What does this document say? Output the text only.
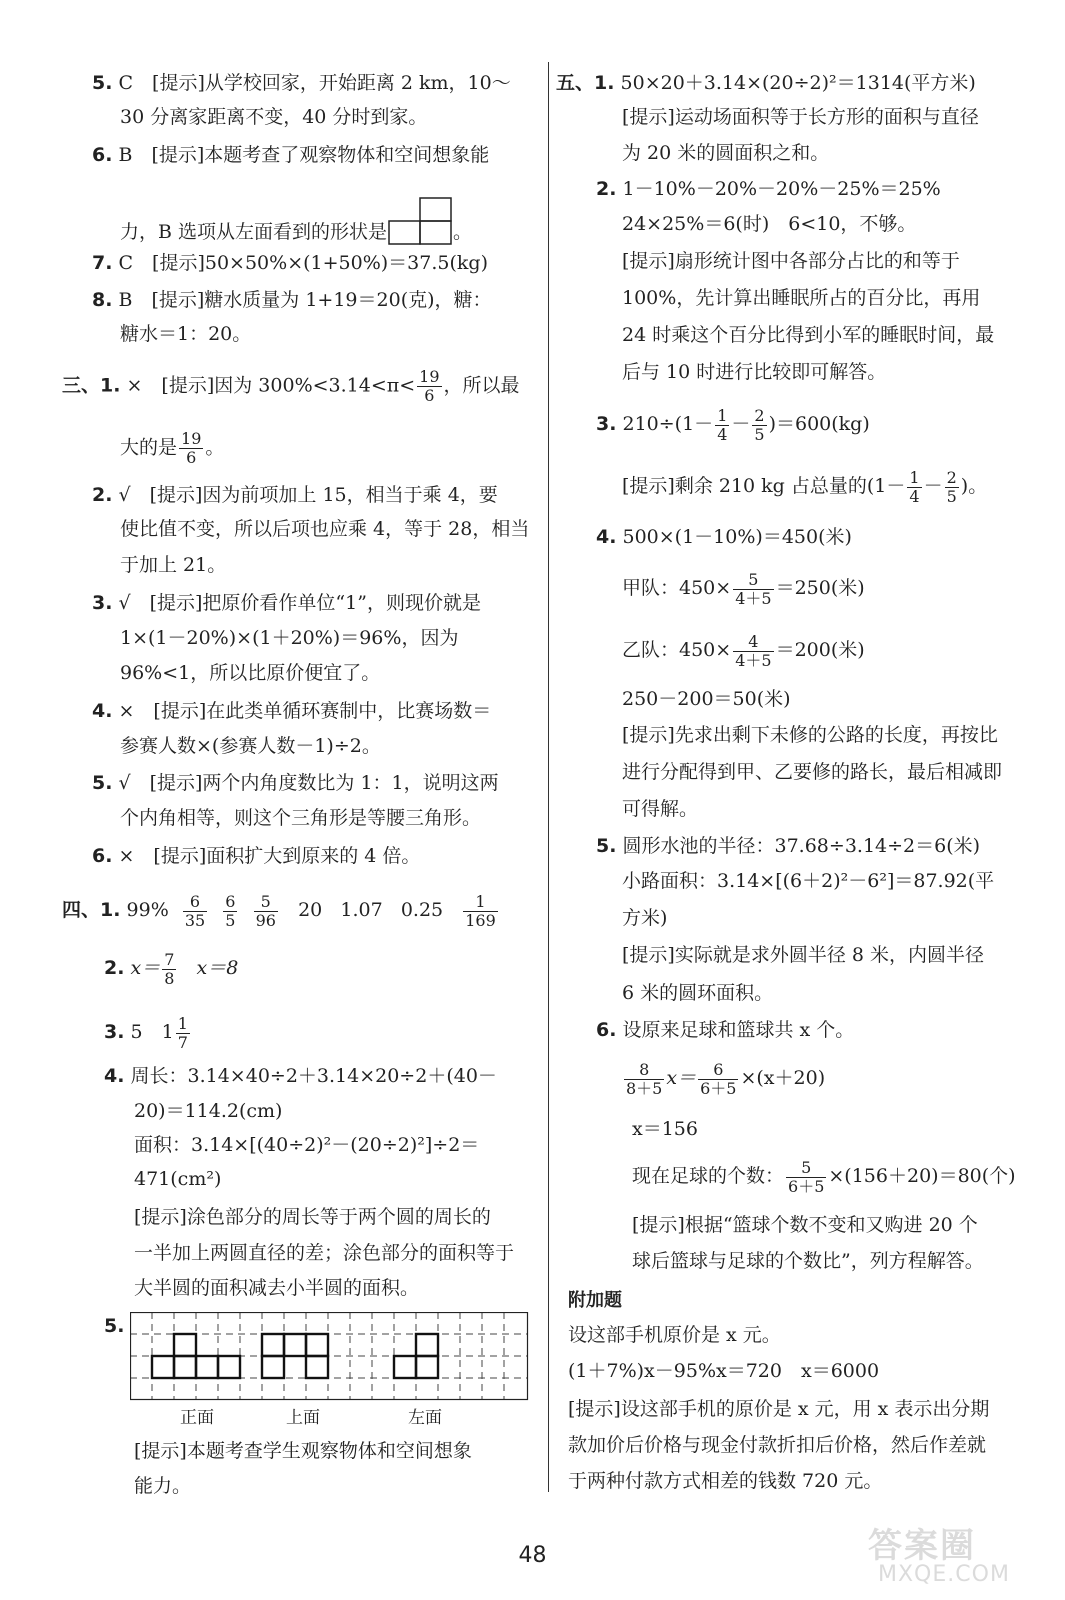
5. C　[提示]从学校回家，开始距离 2 km，10～
30 分离家距离不变，40 分时到家。
6. B　[提示]本题考查了观察物体和空间想象能
力，B 选项从左面看到的形状是	。
7. C　[提示]50×50%×(1+50%)＝37.5(kg)
8. B　[提示]糖水质量为 1+19＝20(克)，糖：
糖水＝1：20。
三、1. ×　[提示]因为 $300\%<3.14<\pi< \frac{19}{6}$ ，所以最
大的是 $\frac{19}{6}$ 。
2. √　[提示]因为前项加上 15，相当于乘 4，要
使比值不变，所以后项也应乘 4，等于 28，相当
于加上 21。
3. √　[提示]把原价看作单位“1”，则现价就是
1×(1－20%)×(1＋20%)＝96%，因为
96%<1，所以比原价便宜了。
4. ×　[提示]在此类单循环赛制中，比赛场数＝
参赛人数×(参赛人数－1)÷2。
5. √　[提示]两个内角度数比为 1：1，说明这两
个内角相等，则这个三角形是等腰三角形。
6. ×　[提示]面积扩大到原来的 4 倍。
四、1. $99\% \frac{6}{35}$
$\frac{6}{5}$
$\frac{5}{96} 20$ 1.07 $0.25 \frac{1}{169}$
2. $x= \frac{7}{8} x=8$
3. 5　$1 \frac{1}{7}$
4. 周长：3.14×40÷2＋3.14×20÷2＋(40－
20)＝114.2(cm)
面积：3.14×[(40÷2)²－(20÷2)²]÷2＝
471(cm²)
[提示]涂色部分的周长等于两个圆的周长的
一半加上两圆直径的差；涂色部分的面积等于
大半圆的面积减去小半圆的面积。
5.
正面	上面	左面
[提示]本题考查学生观察物体和空间想象
能力。
五、1. 50×20＋3.14×(20÷2)²＝1314(平方米)
[提示]运动场面积等于长方形的面积与直径
为 20 米的圆面积之和。
2. 1－10%－20%－20%－25%＝25%
24×25%＝6(时)　6<10，不够。
[提示]扇形统计图中各部分占比的和等于
100%，先计算出睡眠所占的百分比，再用
24 时乘这个百分比得到小军的睡眠时间，最
后与 10 时进行比较即可解答。
3. $210\div(1- \frac{1}{4} - \frac{2}{5} )=600(kg)$
[提示]剩余 210 kg 占总量的($1- \frac{1}{4} - \frac{2}{5}$ )。
4. 500×(1－10%)＝450(米)
甲队：$450\times \frac{5}{4+5} =250$(米)
乙队：$450\times \frac{4}{4+5} =200$(米)
250－200＝50(米)
[提示]先求出剩下未修的公路的长度，再按比
进行分配得到甲、乙要修的路长，最后相减即
可得解。
5. 圆形水池的半径：37.68÷3.14÷2＝6(米)
小路面积：3.14×[(6＋2)²－6²]＝87.92(平
方米)
[提示]实际就是求外圆半径 8 米，内圆半径
6 米的圆环面积。
6. 设原来足球和篮球共 x 个。
$\frac{8}{8+5} x= \frac{6}{6+5} \times(x+20)$
x＝156
现在足球的个数： $\frac{5}{6+5} \times(156+20)=80$(个)
[提示]根据“篮球个数不变和又购进 20 个
球后篮球与足球的个数比”，列方程解答。
附加题
设这部手机原价是 x 元。
(1＋7%)x－95%x＝720　x＝6000
[提示]设这部手机的原价是 x 元，用 x 表示出分期
款加价后价格与现金付款折扣后价格，然后作差就
于两种付款方式相差的钱数 720 元。
48	答案圈
MXQE.COM
